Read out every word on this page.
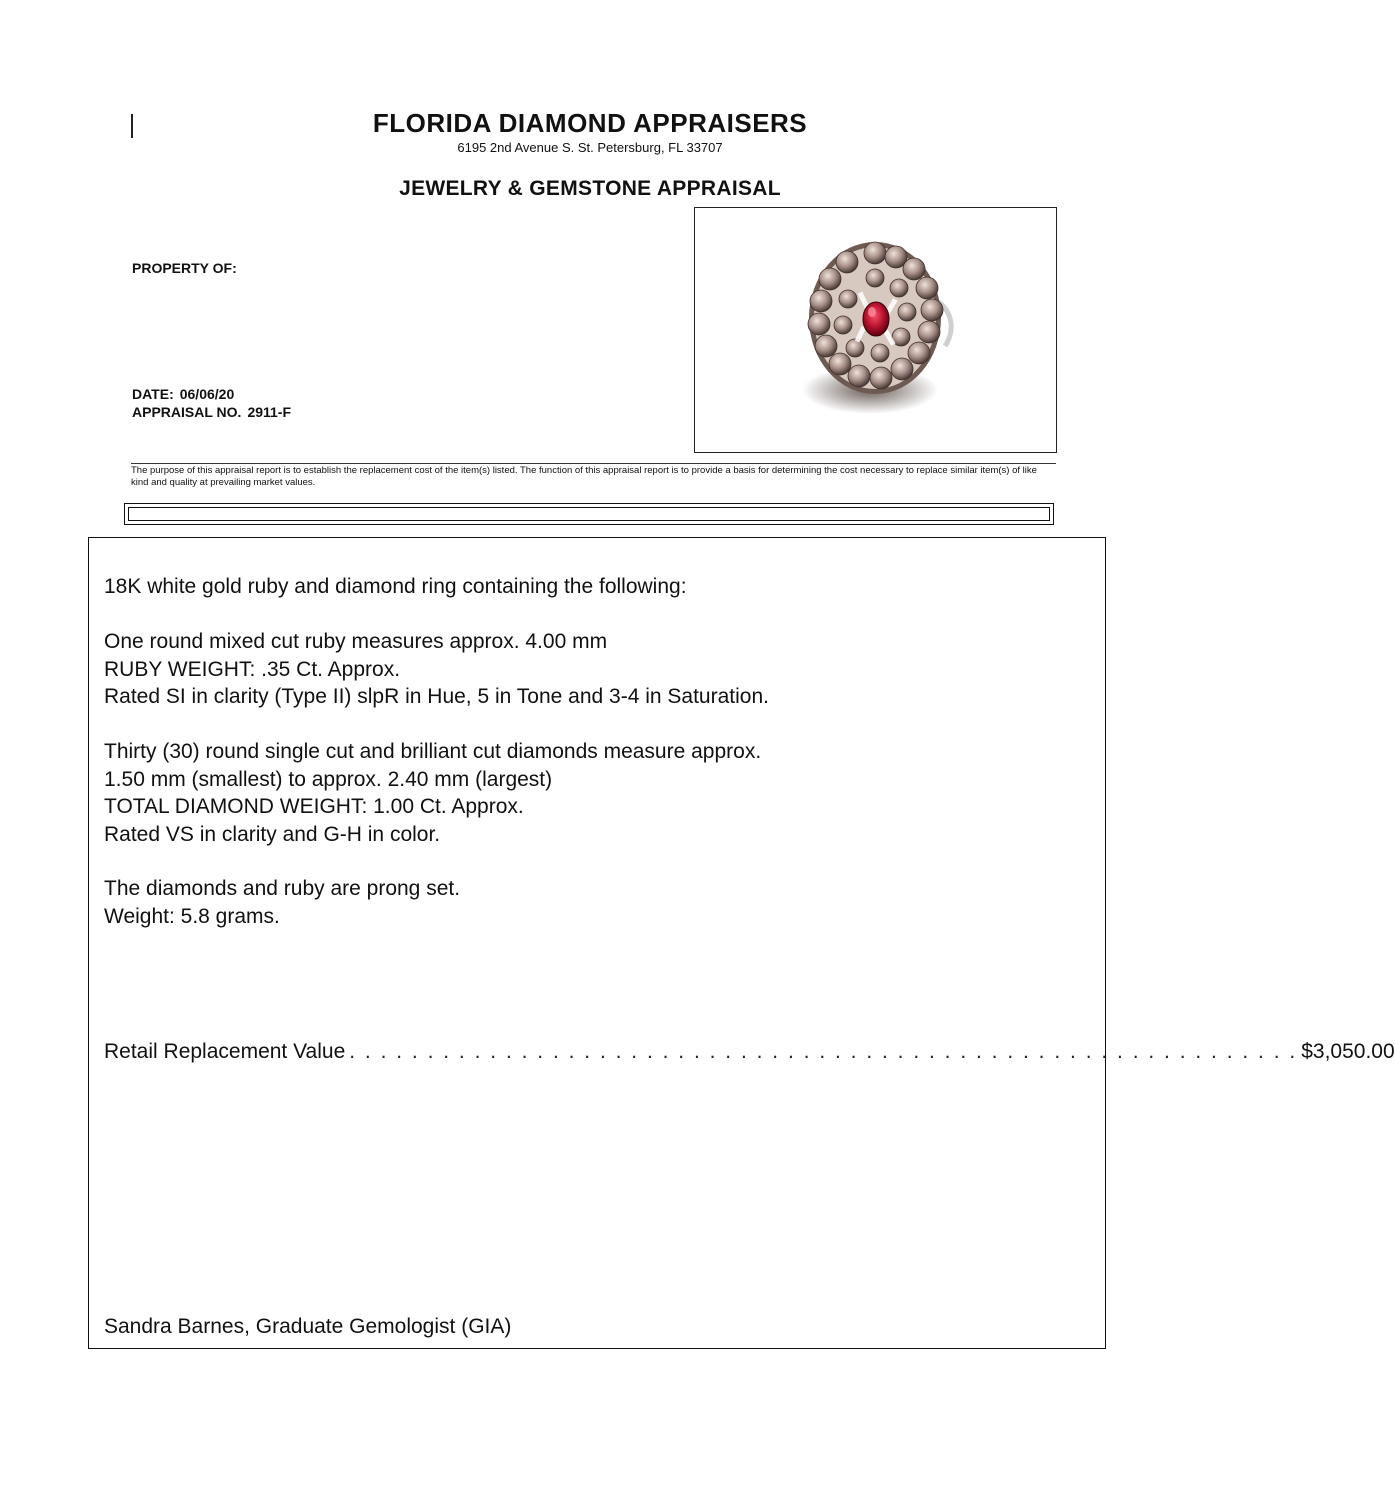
FLORIDA DIAMOND APPRAISERS
6195 2nd Avenue S. St. Petersburg, FL 33707
JEWELRY & GEMSTONE APPRAISAL
PROPERTY OF:
DATE: 06/06/20
APPRAISAL NO. 2911-F
The purpose of this appraisal report is to establish the replacement cost of the item(s) listed. The function of this appraisal report is to provide a basis for determining the cost necessary to replace similar item(s) of like kind and quality at prevailing market values.
18K white gold ruby and diamond ring containing the following:
One round mixed cut ruby measures approx. 4.00 mm
RUBY WEIGHT: .35 Ct. Approx.
Rated SI in clarity (Type II) slpR in Hue, 5 in Tone and 3-4 in Saturation.
Thirty (30) round single cut and brilliant cut diamonds measure approx.
1.50 mm (smallest) to approx. 2.40 mm (largest)
TOTAL DIAMOND WEIGHT: 1.00 Ct. Approx.
Rated VS in clarity and G-H in color.
The diamonds and ruby are prong set.
Weight: 5.8 grams.
Retail Replacement Value . . . . . . . . . . . . . . . . . . . . . . . . . . . . . . . . . . . . . . . . . . . . . . . . . . . . . . . . . . . . . $3,050.00
Sandra Barnes, Graduate Gemologist (GIA)
